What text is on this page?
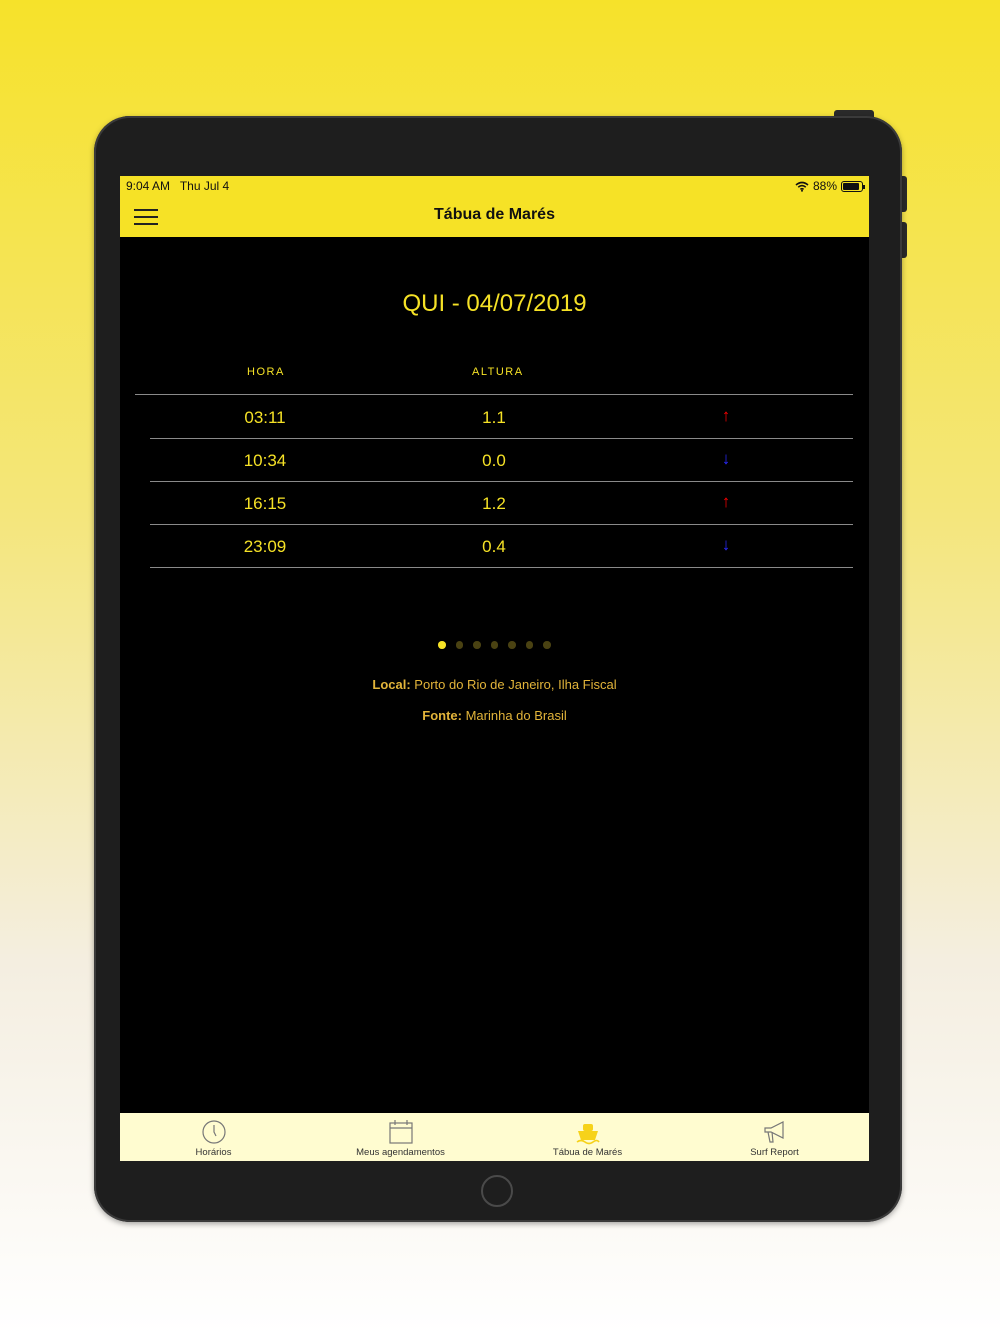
9:04 AM Thu Jul 4	88%
Tábua de Marés
QUI - 04/07/2019
HORA	ALTURA
03:11	1.1	↑
10:34	0.0	↓
16:15	1.2	↑
23:09	0.4	↓
Local: Porto do Rio de Janeiro, Ilha Fiscal
Fonte: Marinha do Brasil
Horários	Meus agendamentos	Tábua de Marés	Surf Report
